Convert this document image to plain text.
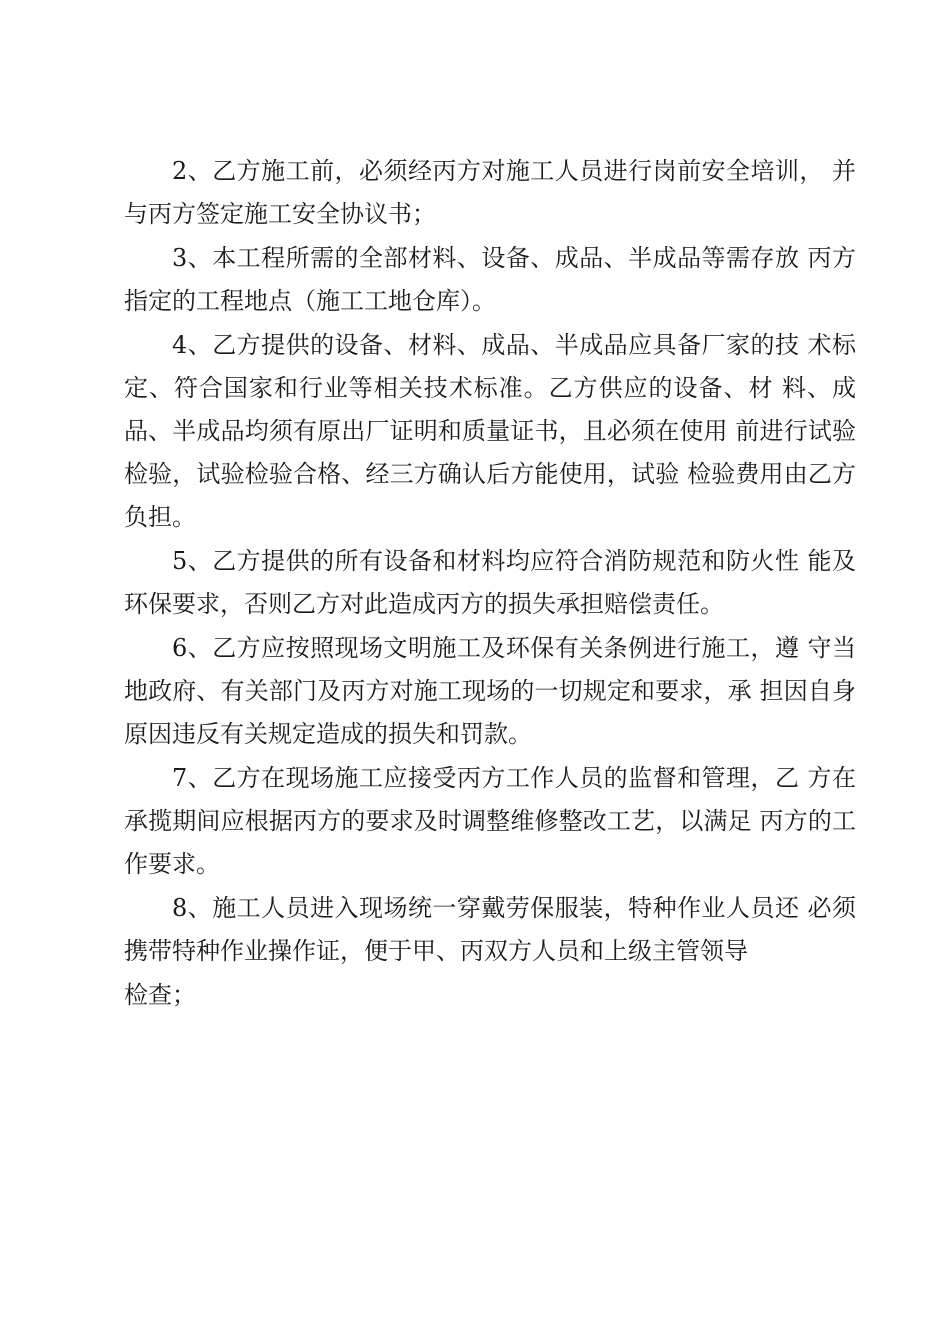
2、乙方施工前，必须经丙方对施工人员进行岗前安全培训， 并与丙方签定施工安全协议书；

3、本工程所需的全部材料、设备、成品、半成品等需存放 丙方指定的工程地点（施工工地仓库）。

4、乙方提供的设备、材料、成品、半成品应具备厂家的技 术标定、符合国家和行业等相关技术标准。乙方供应的设备、材 料、成品、半成品均须有原出厂证明和质量证书，且必须在使用 前进行试验检验，试验检验合格、经三方确认后方能使用，试验 检验费用由乙方负担。

5、乙方提供的所有设备和材料均应符合消防规范和防火性 能及环保要求，否则乙方对此造成丙方的损失承担赔偿责任。

6、乙方应按照现场文明施工及环保有关条例进行施工，遵 守当地政府、有关部门及丙方对施工现场的一切规定和要求，承 担因自身原因违反有关规定造成的损失和罚款。

7、乙方在现场施工应接受丙方工作人员的监督和管理，乙 方在承揽期间应根据丙方的要求及时调整维修整改工艺，以满足 丙方的工作要求。

8、施工人员进入现场统一穿戴劳保服装，特种作业人员还 必须携带特种作业操作证，便于甲、丙双方人员和上级主管领导

检查；
